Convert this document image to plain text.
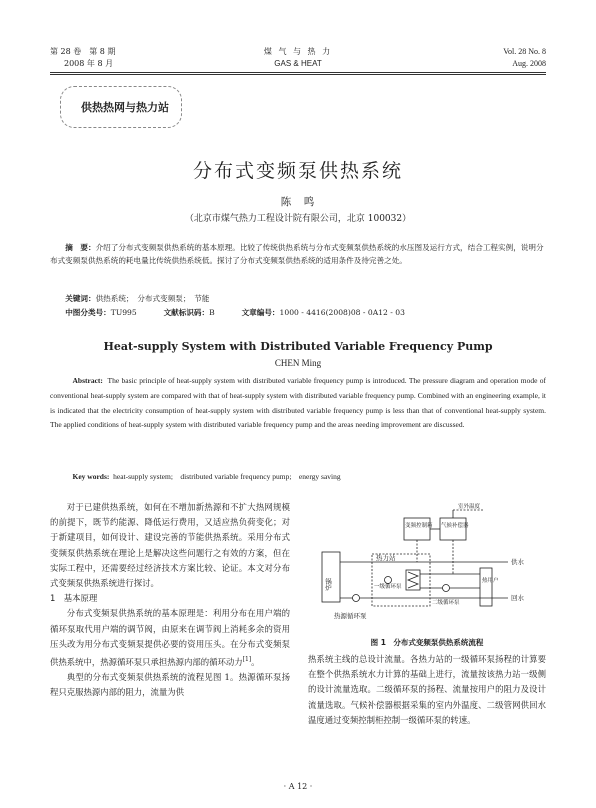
第 28 卷　第 8 期
2008 年 8 月
煤 气 与 热 力
GAS & HEAT
Vol. 28 No. 8
Aug. 2008
供热热网与热力站
分布式变频泵供热系统
陈　鸣
（北京市煤气热力工程设计院有限公司，北京 100032）
摘　要：介绍了分布式变频泵供热系统的基本原理。比较了传统供热系统与分布式变频泵供热系统的水压图及运行方式，结合工程实例，说明分布式变频泵供热系统的耗电量比传统供热系统低。探讨了分布式变频泵供热系统的适用条件及待完善之处。
关键词：供热系统；　分布式变频泵；　节能
中图分类号：TU995	文献标识码：B	文章编号：1000 - 4416(2008)08 - 0A12 - 03
Heat-supply System with Distributed Variable Frequency Pump
CHEN Ming
Abstract: The basic principle of heat-supply system with distributed variable frequency pump is introduced. The pressure diagram and operation mode of conventional heat-supply system are compared with that of heat-supply system with distributed variable frequency pump. Combined with an engineering example, it is indicated that the electricity consumption of heat-supply system with distributed variable frequency pump is less than that of conventional heat-supply system. The applied conditions of heat-supply system with distributed variable frequency pump and the areas needing improvement are discussed.
Key words: heat-supply system;　distributed variable frequency pump;　energy saving

对于已建供热系统，如何在不增加新热源和不扩大热网规模的前提下，既节约能源、降低运行费用，又适应热负荷变化；对于新建项目，如何设计、建设完善的节能供热系统。采用分布式变频泵供热系统在理论上是解决这些问题行之有效的方案，但在实际工程中，还需要经过经济技术方案比较、论证。本文对分布式变频泵供热系统进行探讨。

1　基本原理

分布式变频泵供热系统的基本原理是：利用分布在用户端的循环泵取代用户端的调节阀，由原来在调节阀上消耗多余的资用压头改为用分布式变频泵提供必要的资用压头。在分布式变频泵供热系统中，热源循环泵只承担热源内部的循环动力[1]。

典型的分布式变频泵供热系统的流程见图 1。热源循环泵扬程只克服热源内部的阻力，流量为供

锅炉
变频控制箱 气候补偿器
室外温度
热力站
一级循环泵
二级循环泵
热用户
供水
回水
热源循环泵
图 1　分布式变频泵供热系统流程

热系统主线的总设计流量。各热力站的一级循环泵扬程的计算要在整个供热系统水力计算的基础上进行，流量按该热力站一级侧的设计流量选取。二级循环泵的扬程、流量按用户的阻力及设计流量选取。气候补偿器根据采集的室内外温度、二级管网供回水温度通过变频控制柜控制一级循环泵的转速。

· A 12 ·
